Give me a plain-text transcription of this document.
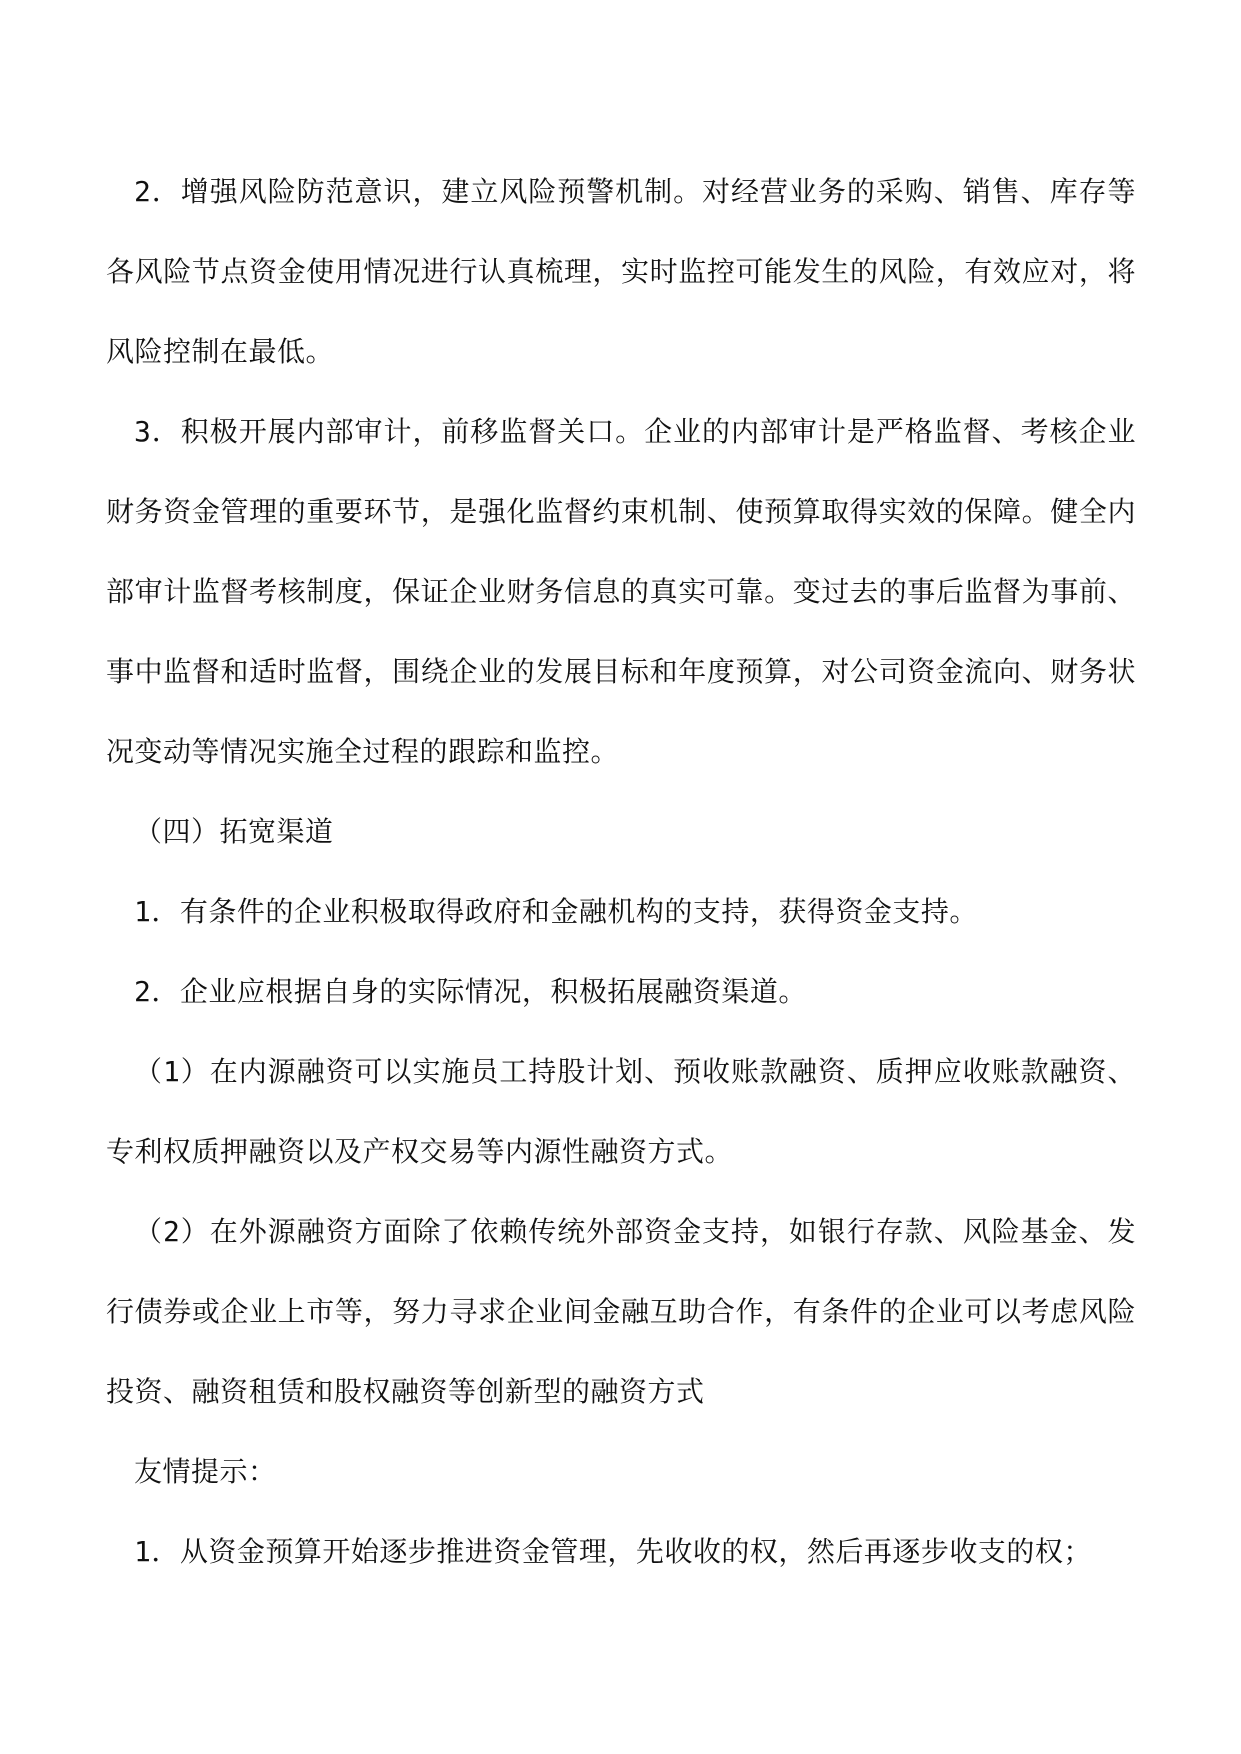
2．增强风险防范意识，建立风险预警机制。对经营业务的采购、销售、库存等各风险节点资金使用情况进行认真梳理，实时监控可能发生的风险，有效应对，将风险控制在最低。

3．积极开展内部审计，前移监督关口。企业的内部审计是严格监督、考核企业财务资金管理的重要环节，是强化监督约束机制、使预算取得实效的保障。健全内部审计监督考核制度，保证企业财务信息的真实可靠。变过去的事后监督为事前、事中监督和适时监督，围绕企业的发展目标和年度预算，对公司资金流向、财务状况变动等情况实施全过程的跟踪和监控。

（四）拓宽渠道

1．有条件的企业积极取得政府和金融机构的支持，获得资金支持。

2．企业应根据自身的实际情况，积极拓展融资渠道。

（1）在内源融资可以实施员工持股计划、预收账款融资、质押应收账款融资、专利权质押融资以及产权交易等内源性融资方式。

（2）在外源融资方面除了依赖传统外部资金支持，如银行存款、风险基金、发行债券或企业上市等，努力寻求企业间金融互助合作，有条件的企业可以考虑风险投资、融资租赁和股权融资等创新型的融资方式

友情提示：

1．从资金预算开始逐步推进资金管理，先收收的权，然后再逐步收支的权；
